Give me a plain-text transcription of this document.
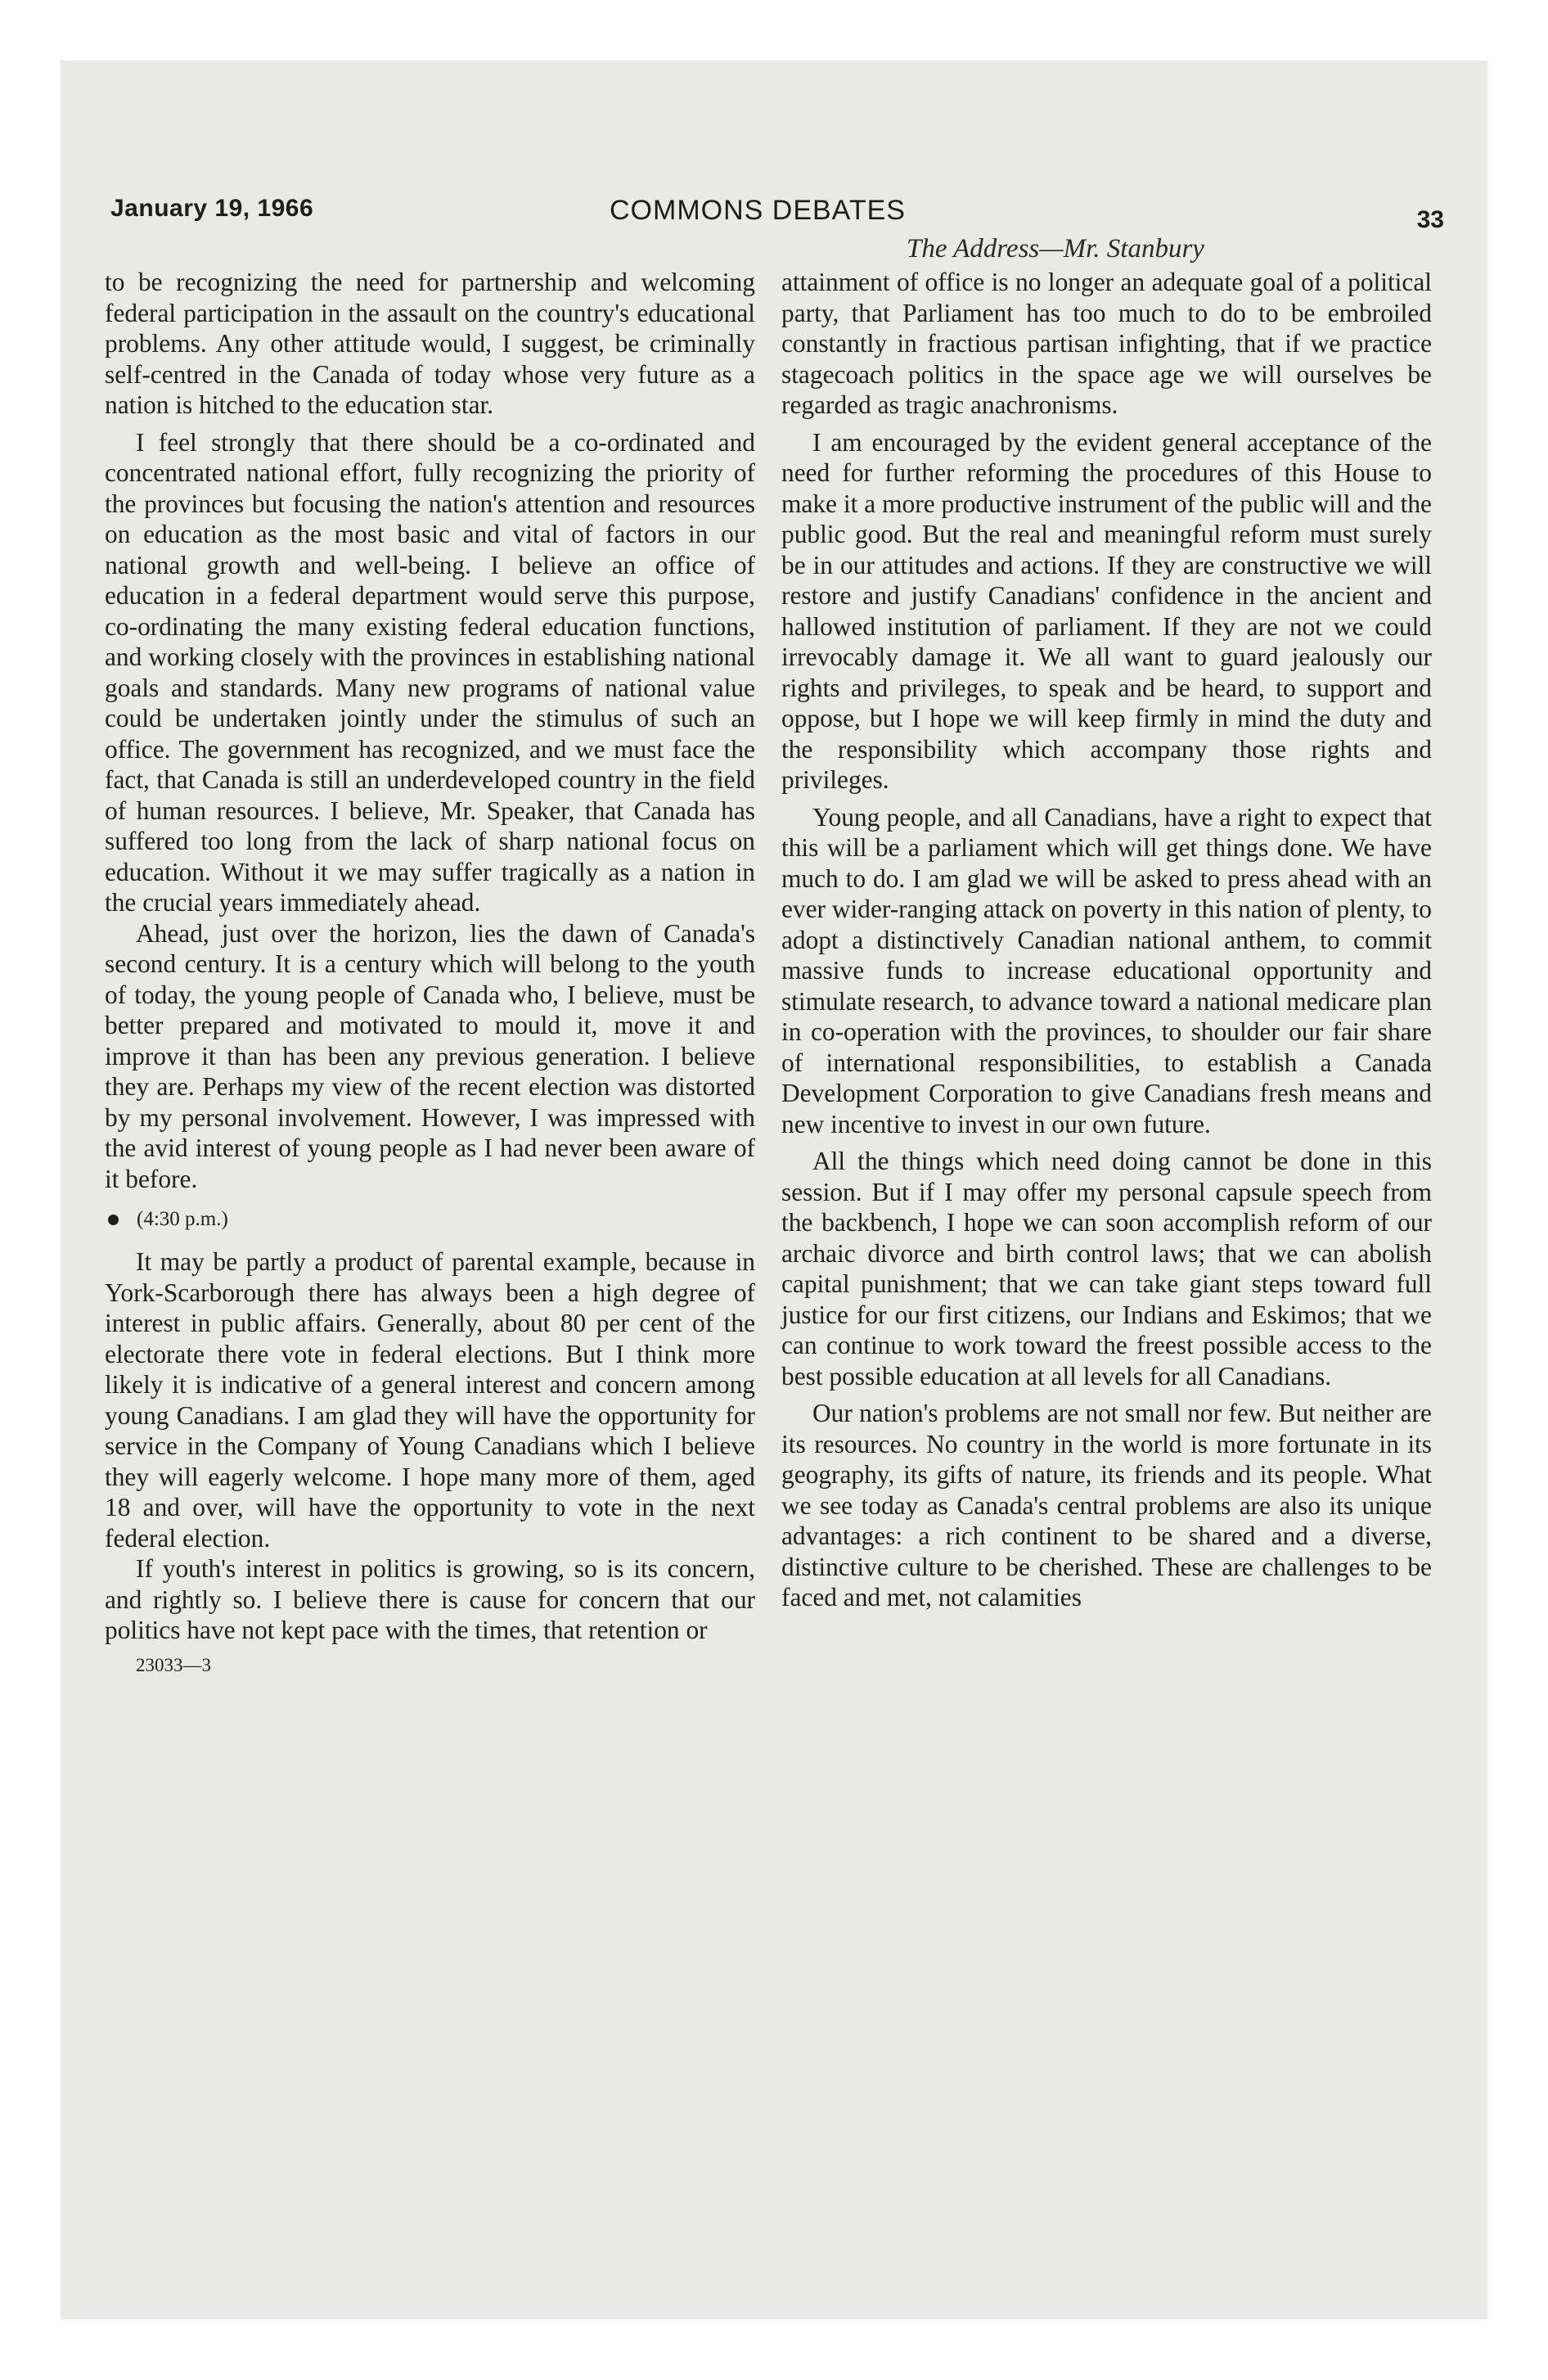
January 19, 1966	COMMONS DEBATES	33
The Address—Mr. Stanbury

to be recognizing the need for partnership and welcoming federal participation in the assault on the country's educational problems. Any other attitude would, I suggest, be criminally self-centred in the Canada of today whose very future as a nation is hitched to the education star.

I feel strongly that there should be a co-ordinated and concentrated national effort, fully recognizing the priority of the provinces but focusing the nation's attention and resources on education as the most basic and vital of factors in our national growth and well-being. I believe an office of education in a federal department would serve this purpose, co-ordinating the many existing federal education functions, and working closely with the provinces in establishing national goals and standards. Many new programs of national value could be undertaken jointly under the stimulus of such an office. The government has recognized, and we must face the fact, that Canada is still an underdeveloped country in the field of human resources. I believe, Mr. Speaker, that Canada has suffered too long from the lack of sharp national focus on education. Without it we may suffer tragically as a nation in the crucial years immediately ahead.

Ahead, just over the horizon, lies the dawn of Canada's second century. It is a century which will belong to the youth of today, the young people of Canada who, I believe, must be better prepared and motivated to mould it, move it and improve it than has been any previous generation. I believe they are. Perhaps my view of the recent election was distorted by my personal involvement. However, I was impressed with the avid interest of young people as I had never been aware of it before.

(4:30 p.m.)

It may be partly a product of parental example, because in York-Scarborough there has always been a high degree of interest in public affairs. Generally, about 80 per cent of the electorate there vote in federal elections. But I think more likely it is indicative of a general interest and concern among young Canadians. I am glad they will have the opportunity for service in the Company of Young Canadians which I believe they will eagerly welcome. I hope many more of them, aged 18 and over, will have the opportunity to vote in the next federal election.

If youth's interest in politics is growing, so is its concern, and rightly so. I believe there is cause for concern that our politics have not kept pace with the times, that retention or

23033—3

attainment of office is no longer an adequate goal of a political party, that Parliament has too much to do to be embroiled constantly in fractious partisan infighting, that if we practice stagecoach politics in the space age we will ourselves be regarded as tragic anachronisms.

I am encouraged by the evident general acceptance of the need for further reforming the procedures of this House to make it a more productive instrument of the public will and the public good. But the real and meaningful reform must surely be in our attitudes and actions. If they are constructive we will restore and justify Canadians' confidence in the ancient and hallowed institution of parliament. If they are not we could irrevocably damage it. We all want to guard jealously our rights and privileges, to speak and be heard, to support and oppose, but I hope we will keep firmly in mind the duty and the responsibility which accompany those rights and privileges.

Young people, and all Canadians, have a right to expect that this will be a parliament which will get things done. We have much to do. I am glad we will be asked to press ahead with an ever wider-ranging attack on poverty in this nation of plenty, to adopt a distinctively Canadian national anthem, to commit massive funds to increase educational opportunity and stimulate research, to advance toward a national medicare plan in co-operation with the provinces, to shoulder our fair share of international responsibilities, to establish a Canada Development Corporation to give Canadians fresh means and new incentive to invest in our own future.

All the things which need doing cannot be done in this session. But if I may offer my personal capsule speech from the backbench, I hope we can soon accomplish reform of our archaic divorce and birth control laws; that we can abolish capital punishment; that we can take giant steps toward full justice for our first citizens, our Indians and Eskimos; that we can continue to work toward the freest possible access to the best possible education at all levels for all Canadians.

Our nation's problems are not small nor few. But neither are its resources. No country in the world is more fortunate in its geography, its gifts of nature, its friends and its people. What we see today as Canada's central problems are also its unique advantages: a rich continent to be shared and a diverse, distinctive culture to be cherished. These are challenges to be faced and met, not calamities
